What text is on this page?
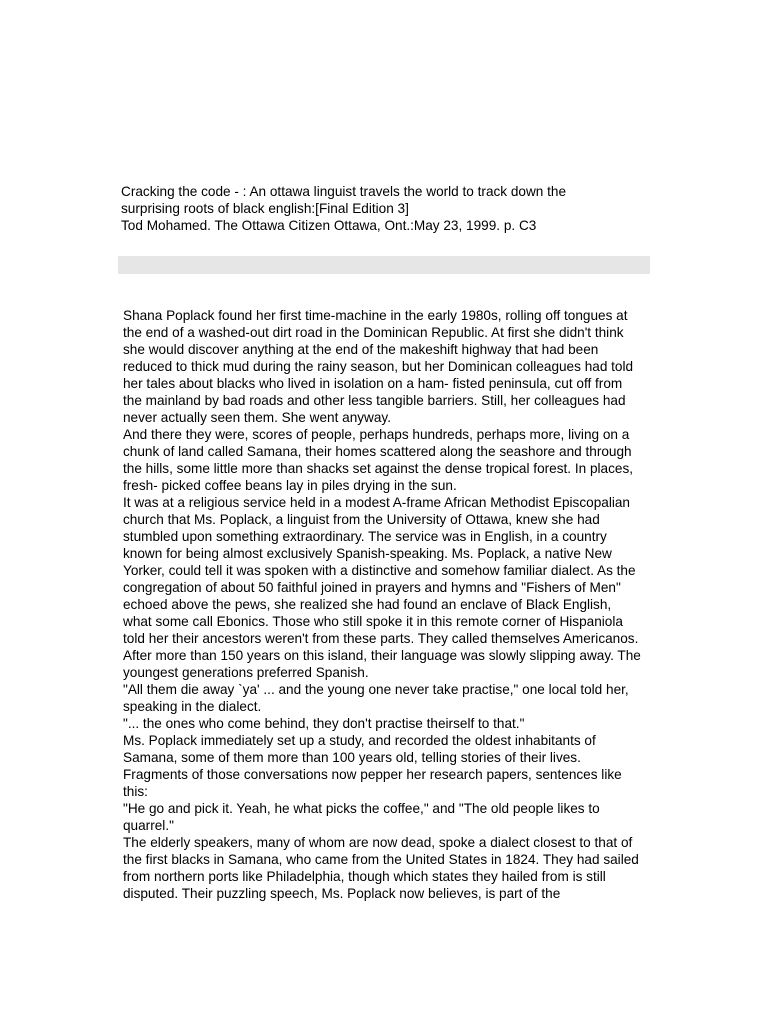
Cracking the code - : An ottawa linguist travels the world to track down the

surprising roots of black english:[Final Edition 3]

Tod Mohamed. The Ottawa Citizen Ottawa, Ont.:May 23, 1999. p. C3

Shana Poplack found her first time-machine in the early 1980s, rolling off tongues at the end of a washed-out dirt road in the Dominican Republic. At first she didn't think she would discover anything at the end of the makeshift highway that had been reduced to thick mud during the rainy season, but her Dominican colleagues had told her tales about blacks who lived in isolation on a ham- fisted peninsula, cut off from the mainland by bad roads and other less tangible barriers. Still, her colleagues had never actually seen them. She went anyway.

And there they were, scores of people, perhaps hundreds, perhaps more, living on a chunk of land called Samana, their homes scattered along the seashore and through the hills, some little more than shacks set against the dense tropical forest. In places, fresh- picked coffee beans lay in piles drying in the sun.

It was at a religious service held in a modest A-frame African Methodist Episcopalian church that Ms. Poplack, a linguist from the University of Ottawa, knew she had stumbled upon something extraordinary. The service was in English, in a country known for being almost exclusively Spanish-speaking. Ms. Poplack, a native New Yorker, could tell it was spoken with a distinctive and somehow familiar dialect. As the congregation of about 50 faithful joined in prayers and hymns and "Fishers of Men" echoed above the pews, she realized she had found an enclave of Black English, what some call Ebonics. Those who still spoke it in this remote corner of Hispaniola told her their ancestors weren't from these parts. They called themselves Americanos.

After more than 150 years on this island, their language was slowly slipping away. The youngest generations preferred Spanish.

"All them die away `ya' ... and the young one never take practise," one local told her, speaking in the dialect.

"... the ones who come behind, they don't practise theirself to that."

Ms. Poplack immediately set up a study, and recorded the oldest inhabitants of Samana, some of them more than 100 years old, telling stories of their lives. Fragments of those conversations now pepper her research papers, sentences like this:

"He go and pick it. Yeah, he what picks the coffee," and "The old people likes to quarrel."

The elderly speakers, many of whom are now dead, spoke a dialect closest to that of the first blacks in Samana, who came from the United States in 1824. They had sailed from northern ports like Philadelphia, though which states they hailed from is still disputed. Their puzzling speech, Ms. Poplack now believes, is part of the
